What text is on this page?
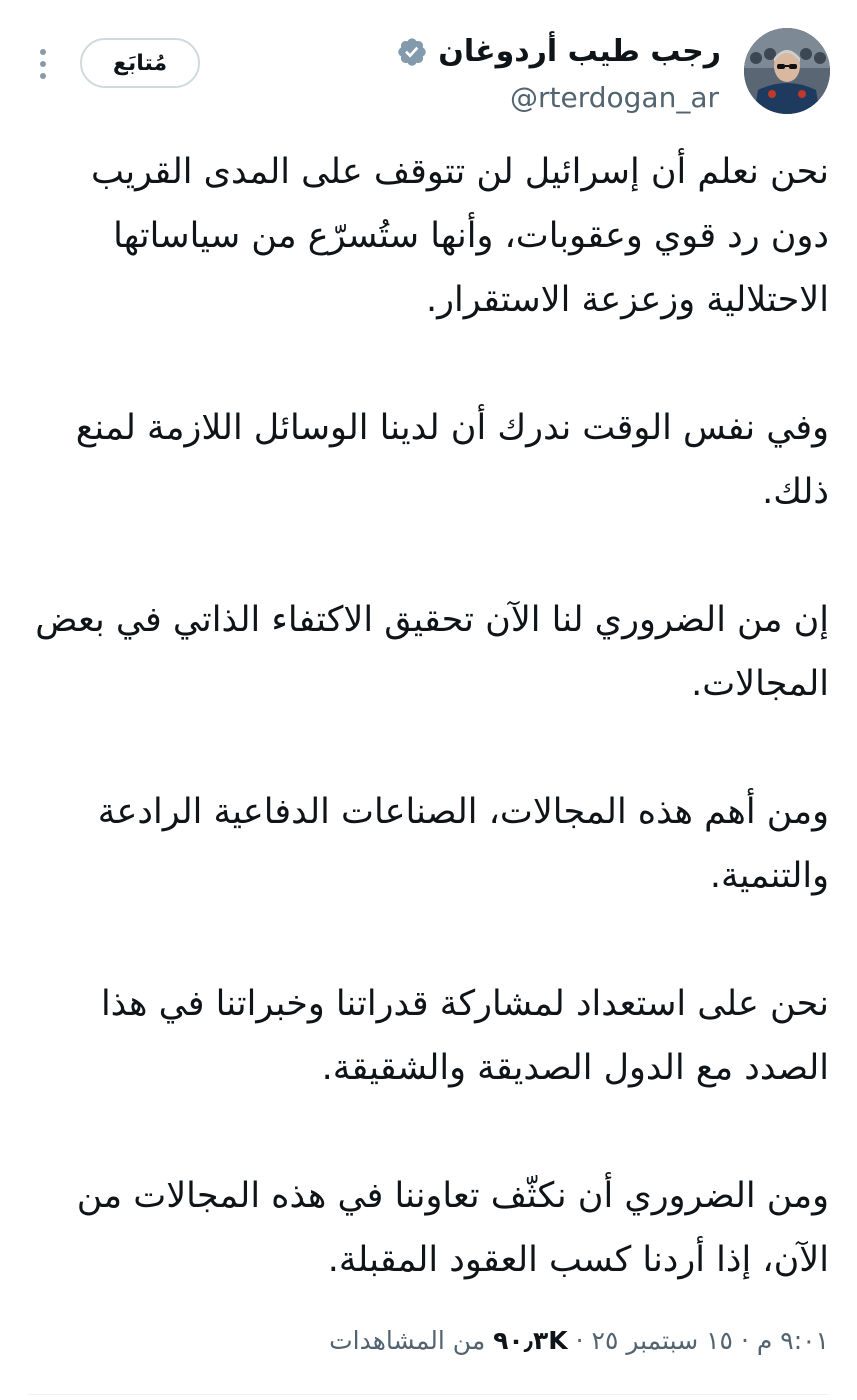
رجب طيب أردوغان
@rterdogan_ar
مُتابَع

نحن نعلم أن إسرائيل لن تتوقف على المدى القريب دون رد قوي وعقوبات، وأنها ستُسرّع من سياساتها الاحتلالية وزعزعة الاستقرار.

وفي نفس الوقت ندرك أن لدينا الوسائل اللازمة لمنع ذلك.

إن من الضروري لنا الآن تحقيق الاكتفاء الذاتي في بعض المجالات.

ومن أهم هذه المجالات، الصناعات الدفاعية الرادعة والتنمية.

نحن على استعداد لمشاركة قدراتنا وخبراتنا في هذا الصدد مع الدول الصديقة والشقيقة.

ومن الضروري أن نكثّف تعاوننا في هذه المجالات من الآن، إذا أردنا كسب العقود المقبلة.

٩:٠١ م · ١٥ سبتمبر ٢٥ · ٩٠٫٣K من المشاهدات
